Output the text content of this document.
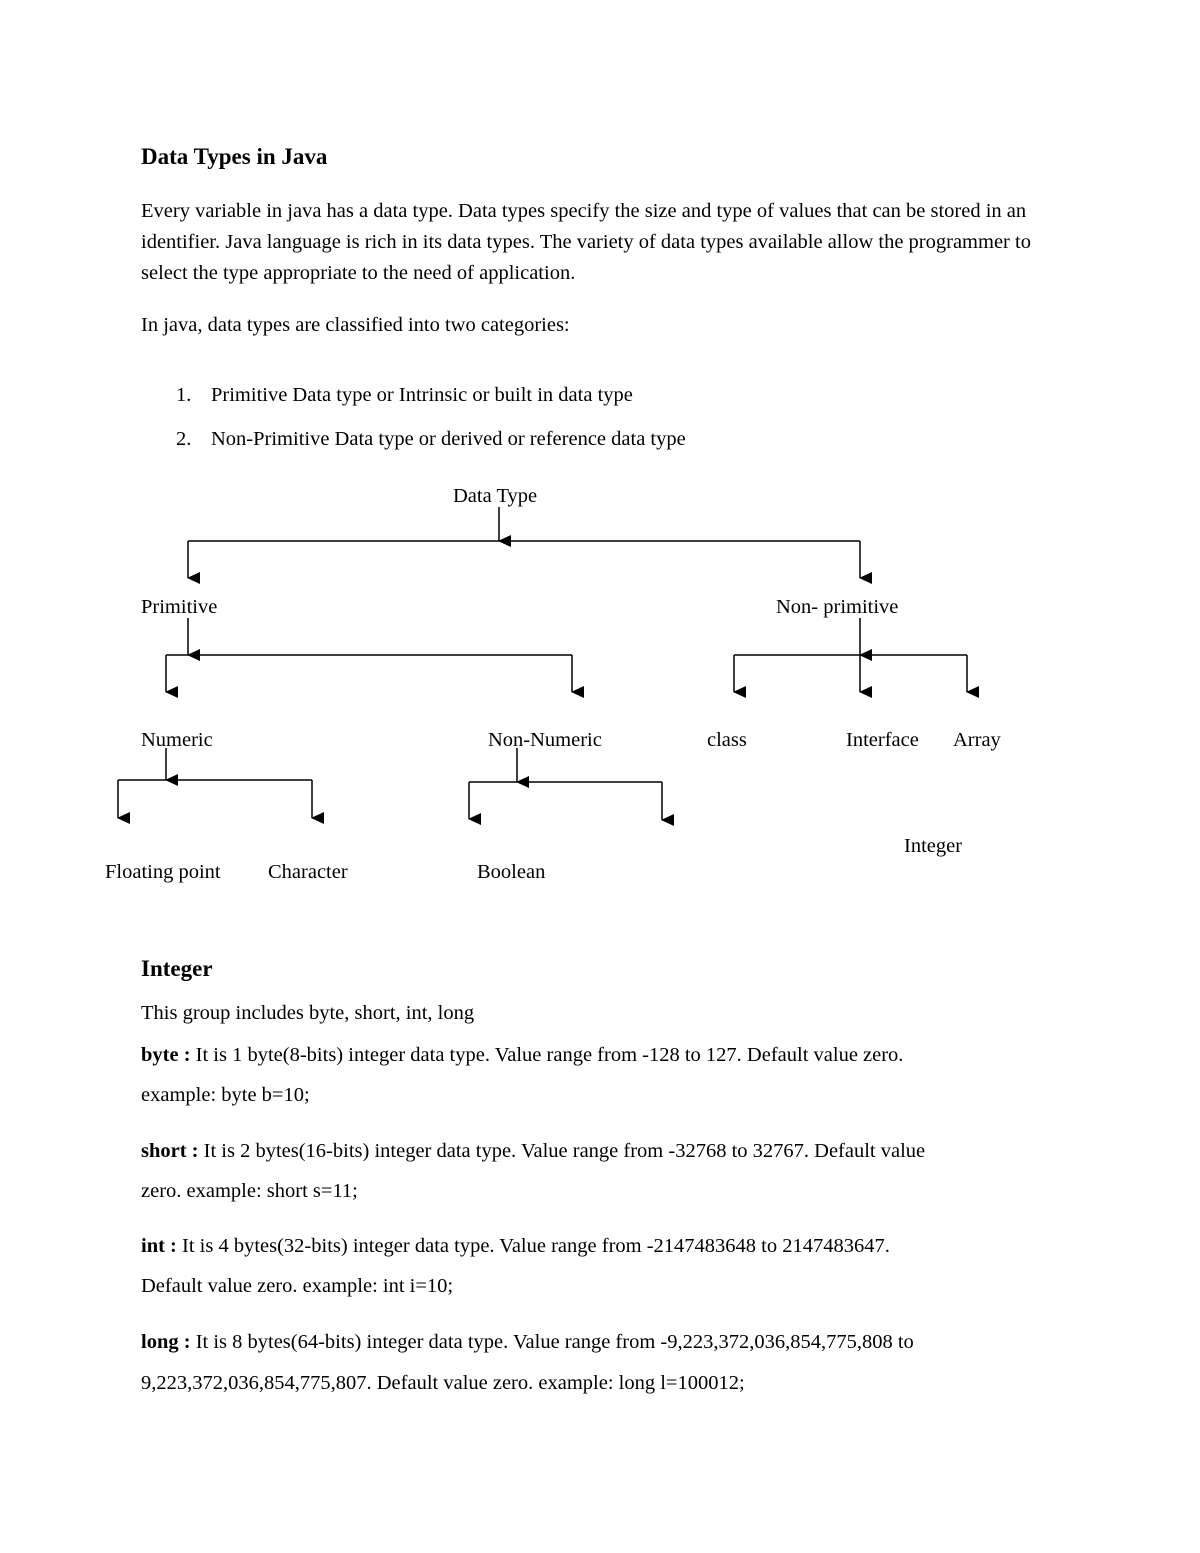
Data Types in Java
Every variable in java has a data type. Data types specify the size and type of values that can be stored in an identifier. Java language is rich in its data types. The variety of data types available allow the programmer to select the type appropriate to the need of application.
In java, data types are classified into two categories:
1. Primitive Data type or Intrinsic or built in data type
2. Non-Primitive Data type or derived or reference data type
Data Type
Primitive	Non- primitive
Numeric	Non-Numeric	class	Interface Array
Integer
Floating point Character	Boolean
Integer
This group includes byte, short, int, long
byte : It is 1 byte(8-bits) integer data type. Value range from -128 to 127. Default value zero.
example: byte b=10;
short : It is 2 bytes(16-bits) integer data type. Value range from -32768 to 32767. Default value
zero. example: short s=11;
int : It is 4 bytes(32-bits) integer data type. Value range from -2147483648 to 2147483647.
Default value zero. example: int i=10;
long : It is 8 bytes(64-bits) integer data type. Value range from -9,223,372,036,854,775,808 to
9,223,372,036,854,775,807. Default value zero. example: long l=100012;
